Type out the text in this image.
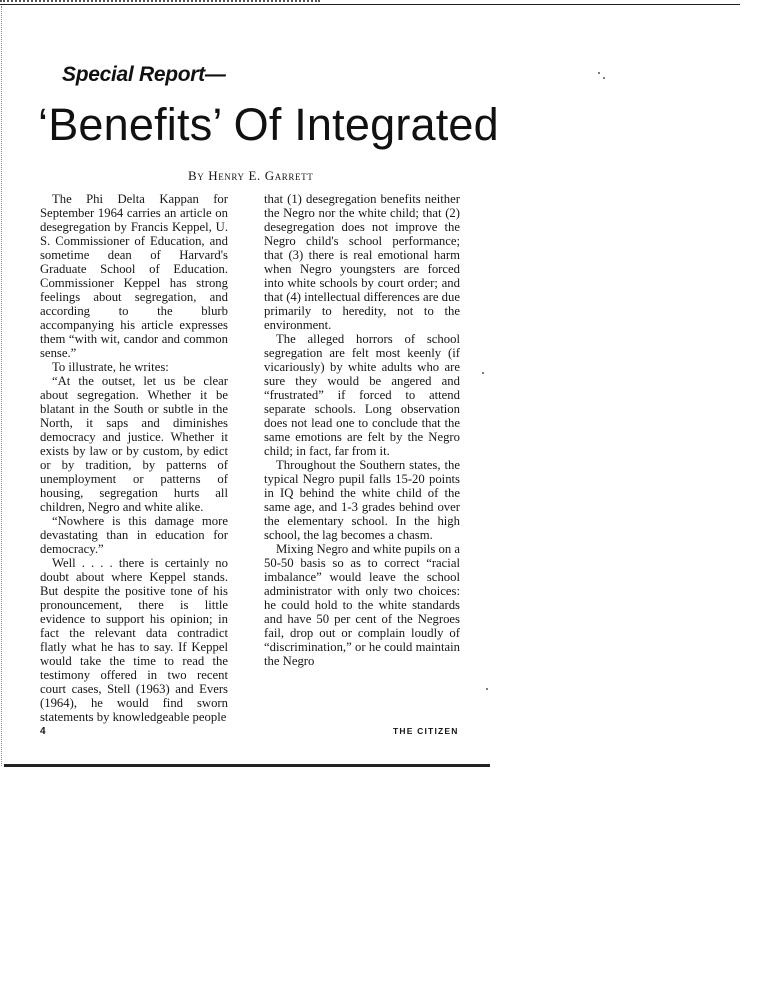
Special Report—
‘Benefits’ Of Integrated

By Henry E. Garrett

The Phi Delta Kappan for September 1964 carries an article on desegregation by Francis Keppel, U. S. Commissioner of Education, and sometime dean of Harvard's Graduate School of Education. Commissioner Keppel has strong feelings about segregation, and according to the blurb accompanying his article expresses them “with wit, candor and common sense.”

To illustrate, he writes:

“At the outset, let us be clear about segregation. Whether it be blatant in the South or subtle in the North, it saps and diminishes democracy and justice. Whether it exists by law or by custom, by edict or by tradition, by patterns of unemployment or patterns of housing, segregation hurts all children, Negro and white alike.

“Nowhere is this damage more devastating than in education for democracy.”

Well . . . . there is certainly no doubt about where Keppel stands. But despite the positive tone of his pronouncement, there is little evidence to support his opinion; in fact the relevant data contradict flatly what he has to say. If Keppel would take the time to read the testimony offered in two recent court cases, Stell (1963) and Evers (1964), he would find sworn statements by knowledgeable people

that (1) desegregation benefits neither the Negro nor the white child; that (2) desegregation does not improve the Negro child's school performance; that (3) there is real emotional harm when Negro youngsters are forced into white schools by court order; and that (4) intellectual differences are due primarily to heredity, not to the environment.

The alleged horrors of school segregation are felt most keenly (if vicariously) by white adults who are sure they would be angered and “frustrated” if forced to attend separate schools. Long observation does not lead one to conclude that the same emotions are felt by the Negro child; in fact, far from it.

Throughout the Southern states, the typical Negro pupil falls 15-20 points in IQ behind the white child of the same age, and 1-3 grades behind over the elementary school. In the high school, the lag becomes a chasm.

Mixing Negro and white pupils on a 50-50 basis so as to correct “racial imbalance” would leave the school administrator with only two choices: he could hold to the white standards and have 50 per cent of the Negroes fail, drop out or complain loudly of “discrimination,” or he could maintain the Negro

4	THE CITIZEN
